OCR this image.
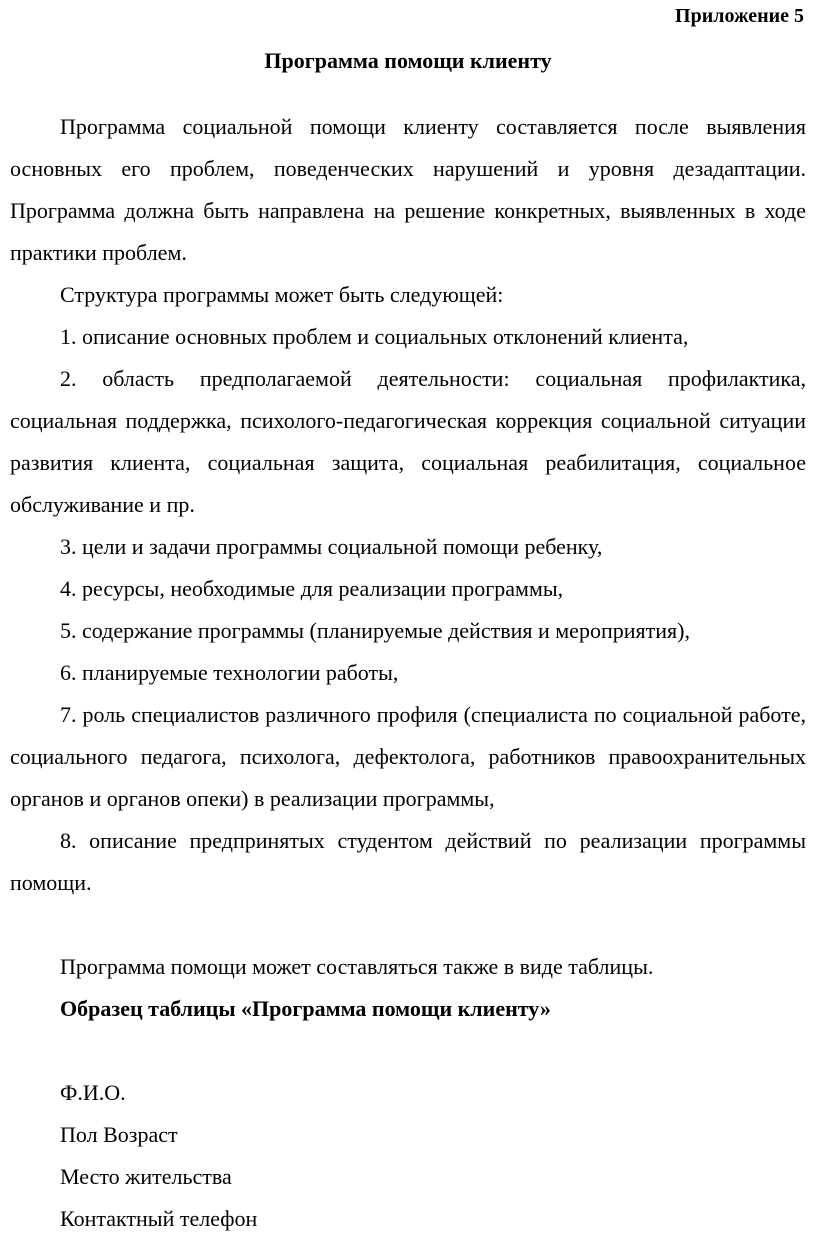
Приложение 5
Программа помощи клиенту

Программа социальной помощи клиенту составляется после выявления основных его проблем, поведенческих нарушений и уровня дезадаптации. Программа должна быть направлена на решение конкретных, выявленных в ходе практики проблем.

Структура программы может быть следующей:

1. описание основных проблем и социальных отклонений клиента,

2. область предполагаемой деятельности: социальная профилактика, социальная поддержка, психолого-педагогическая коррекция социальной ситуации развития клиента, социальная защита, социальная реабилитация, социальное обслуживание и пр.

3. цели и задачи программы социальной помощи ребенку,

4. ресурсы, необходимые для реализации программы,

5. содержание программы (планируемые действия и мероприятия),

6. планируемые технологии работы,

7. роль специалистов различного профиля (специалиста по социальной работе, социального педагога, психолога, дефектолога, работников правоохранительных органов и органов опеки) в реализации программы,

8. описание предпринятых студентом действий по реализации программы помощи.

Программа помощи может составляться также в виде таблицы.

Образец таблицы «Программа помощи клиенту»

Ф.И.О.

Пол Возраст

Место жительства

Контактный телефон
